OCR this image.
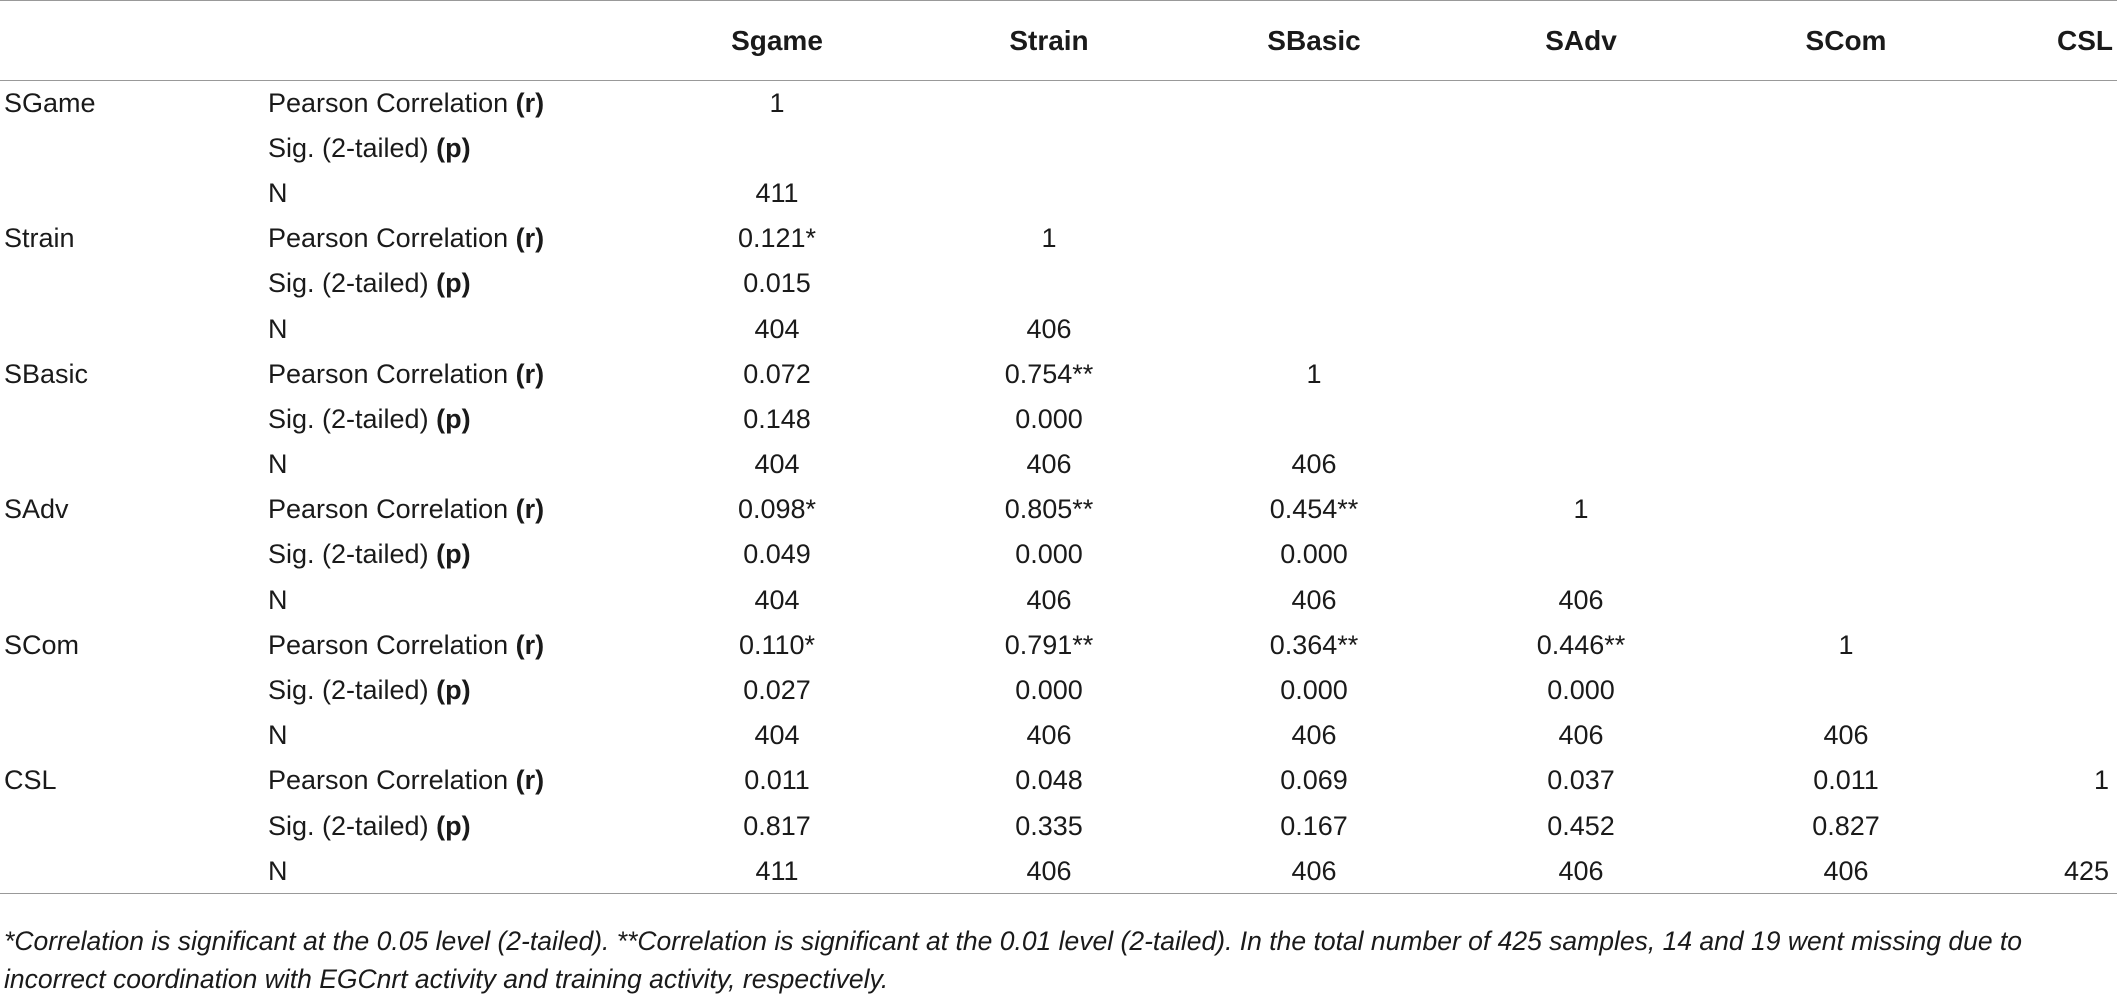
		Sgame	Strain	SBasic	SAdv	SCom	CSL
SGame	Pearson Correlation (r)	1					
	Sig. (2-tailed) (p)						
	N	411					
Strain	Pearson Correlation (r)	0.121*	1				
	Sig. (2-tailed) (p)	0.015					
	N	404	406				
SBasic	Pearson Correlation (r)	0.072	0.754**	1			
	Sig. (2-tailed) (p)	0.148	0.000				
	N	404	406	406			
SAdv	Pearson Correlation (r)	0.098*	0.805**	0.454**	1		
	Sig. (2-tailed) (p)	0.049	0.000	0.000			
	N	404	406	406	406		
SCom	Pearson Correlation (r)	0.110*	0.791**	0.364**	0.446**	1	
	Sig. (2-tailed) (p)	0.027	0.000	0.000	0.000		
	N	404	406	406	406	406	
CSL	Pearson Correlation (r)	0.011	0.048	0.069	0.037	0.011	1
	Sig. (2-tailed) (p)	0.817	0.335	0.167	0.452	0.827	
	N	411	406	406	406	406	425
*Correlation is significant at the 0.05 level (2-tailed). **Correlation is significant at the 0.01 level (2-tailed). In the total number of 425 samples, 14 and 19 went missing due to incorrect coordination with EGCnrt activity and training activity, respectively.
